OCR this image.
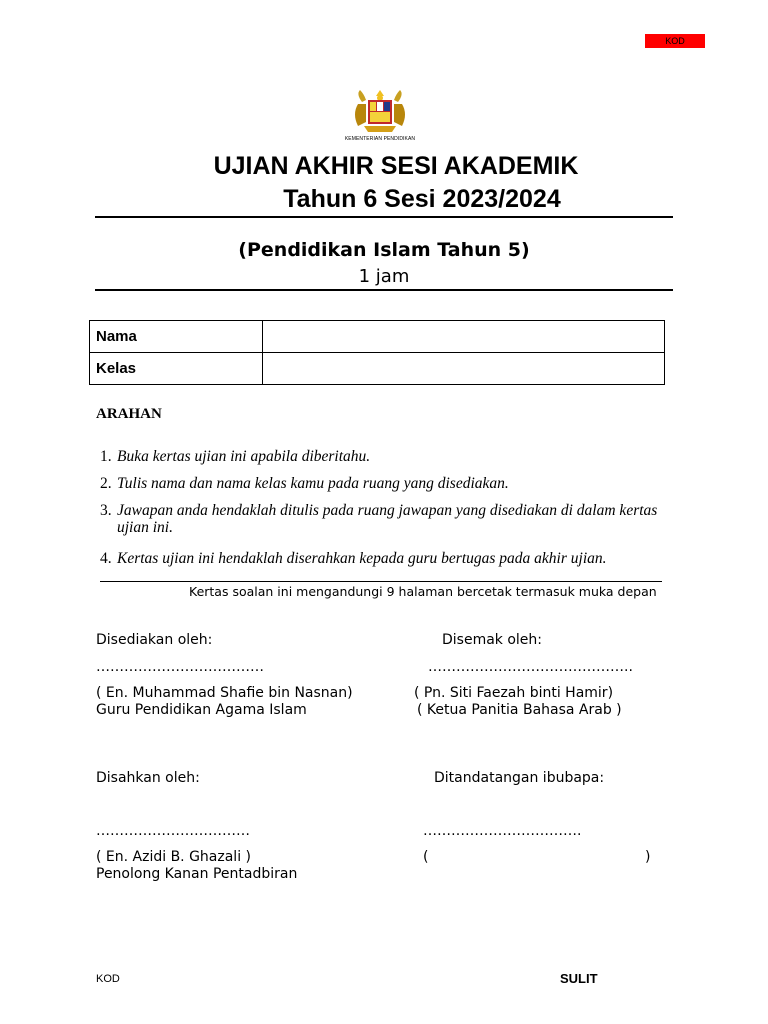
KOD
KEMENTERIAN PENDIDIKAN
UJIAN AKHIR SESI AKADEMIK
Tahun 6 Sesi 2023/2024
(Pendidikan Islam Tahun 5)
1 jam
Nama	
Kelas	
ARAHAN
1. Buka kertas ujian ini apabila diberitahu.
2. Tulis nama dan nama kelas kamu pada ruang yang disediakan.
3. Jawapan anda hendaklah ditulis pada ruang jawapan yang disediakan di dalam kertas ujian ini.
4. Kertas ujian ini hendaklah diserahkan kepada guru bertugas pada akhir ujian.
Kertas soalan ini mengandungi 9 halaman bercetak termasuk muka depan
Disediakan oleh:
………………………………
( En. Muhammad Shafie bin Nasnan)
Guru Pendidikan Agama Islam
Disemak oleh:
……………………………………..
( Pn. Siti Faezah binti Hamir)
( Ketua Panitia Bahasa Arab )
Disahkan oleh:
……………………………
( En. Azidi B. Ghazali )
Penolong Kanan Pentadbiran
Ditandatangan ibubapa:
…………………………….
(	)
KOD	SULIT
